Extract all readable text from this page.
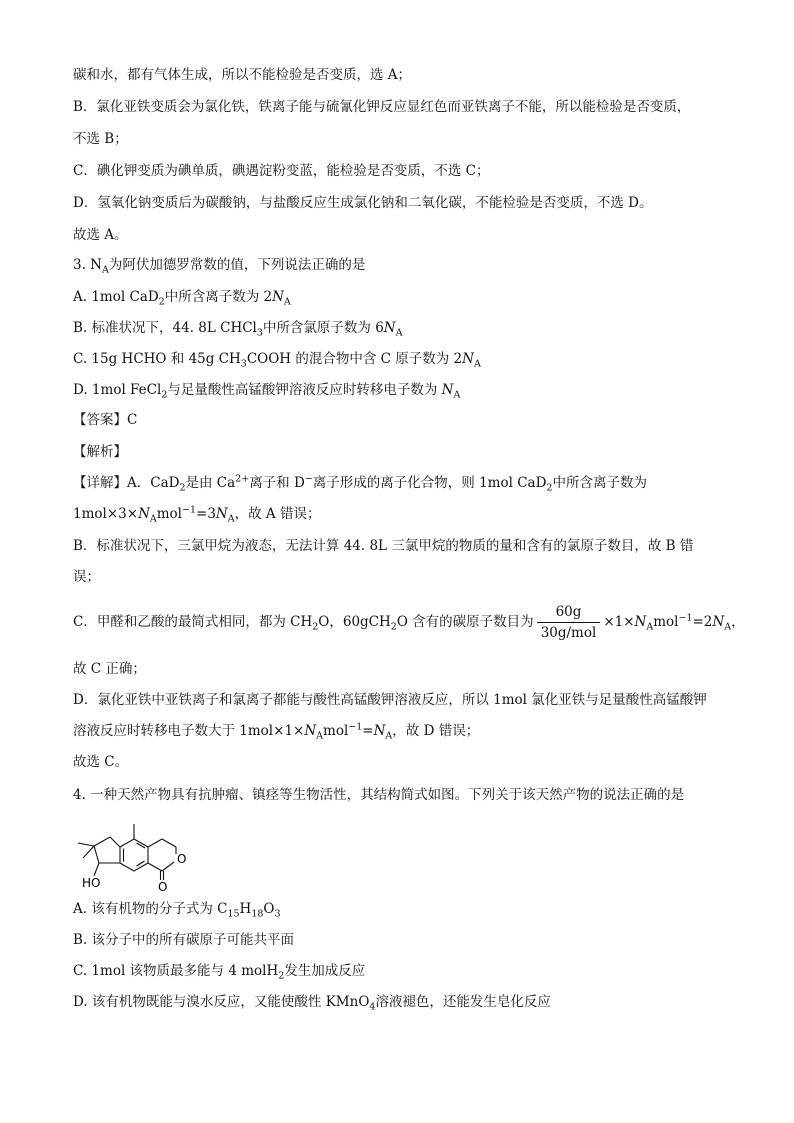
碳和水，都有气体生成，所以不能检验是否变质，选 A；
B．氯化亚铁变质会为氯化铁，铁离子能与硫氰化钾反应显红色而亚铁离子不能，所以能检验是否变质，
不选 B；
C．碘化钾变质为碘单质，碘遇淀粉变蓝，能检验是否变质，不选 C；
D．氢氧化钠变质后为碳酸钠，与盐酸反应生成氯化钠和二氧化碳，不能检验是否变质，不选 D。
故选 A。
3. $N_A$为阿伏加德罗常数的值，下列说法正确的是
A. 1mol CaD$_2$中所含离子数为 $2N_A$
B. 标准状况下，44. 8L CHCl$_3$中所含氯原子数为 $6N_A$
C. 15g HCHO 和 45g $CH_3COOH$ 的混合物中含 C 原子数为 $2N_A$
D. 1mol FeCl$_2$与足量酸性高锰酸钾溶液反应时转移电子数为 $N_A$
【答案】C
【解析】
【详解】A．CaD$_2$是由 $Ca^{2+}$离子和 D−离子形成的离子化合物，则 1mol CaD$_2$中所含离子数为
$1mol\times 3\times N_Amol^{-1}=3N_A$，故 A 错误；
B．标准状况下，三氯甲烷为液态，无法计算 44. 8L 三氯甲烷的物质的量和含有的氯原子数目，故 B 错
误；
C．甲醛和乙酸的最简式相同，都为 $CH_2O$，60gCH$_2$O 含有的碳原子数目为 $\frac{60g}{\text{30g/mol}} \times 1\times N_Amol^{-1}=2N_A$，
故 C 正确；
D．氯化亚铁中亚铁离子和氯离子都能与酸性高锰酸钾溶液反应，所以 1mol 氯化亚铁与足量酸性高锰酸钾
溶液反应时转移电子数大于 $1mol\times 1\times N_Amol^{-1}=N_A$，故 D 错误；
故选 C。
4. 一种天然产物具有抗肿瘤、镇痉等生物活性，其结构简式如图。下列关于该天然产物的说法正确的是
O
O
HO
A. 该有机物的分子式为 $C_{15}H_{18}O_3$
B. 该分子中的所有碳原子可能共平面
C. 1mol 该物质最多能与 4 molH$_2$发生加成反应
D. 该有机物既能与溴水反应，又能使酸性 KMnO$_4$溶液褪色，还能发生皂化反应
